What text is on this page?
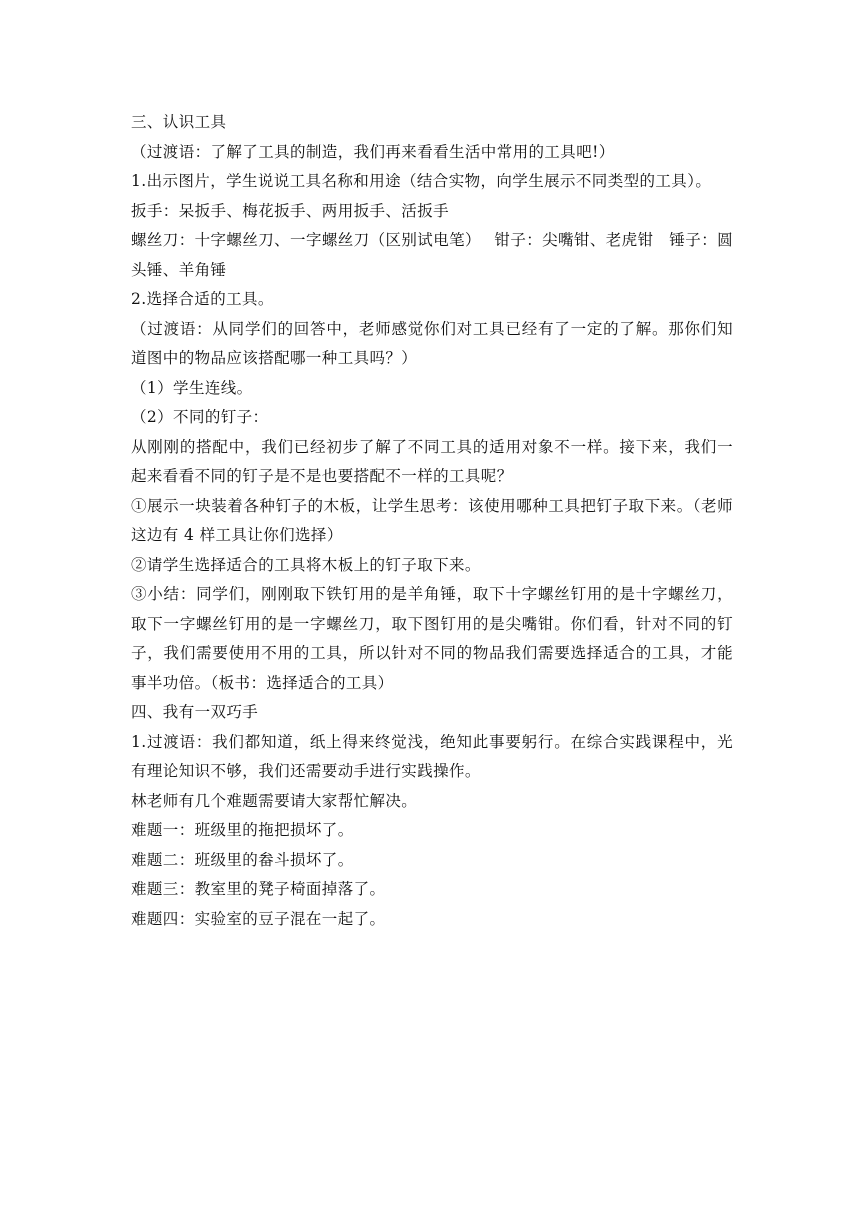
三、认识工具

（过渡语：了解了工具的制造，我们再来看看生活中常用的工具吧!）

1.出示图片，学生说说工具名称和用途（结合实物，向学生展示不同类型的工具）。

扳手：呆扳手、梅花扳手、两用扳手、活扳手

螺丝刀：十字螺丝刀、一字螺丝刀（区别试电笔）　 钳子：尖嘴钳、老虎钳　锤子：圆头锤、羊角锤

2.选择合适的工具。

（过渡语：从同学们的回答中，老师感觉你们对工具已经有了一定的了解。那你们知道图中的物品应该搭配哪一种工具吗？）

（1）学生连线。

（2）不同的钉子：

从刚刚的搭配中，我们已经初步了解了不同工具的适用对象不一样。接下来，我们一起来看看不同的钉子是不是也要搭配不一样的工具呢？

①展示一块装着各种钉子的木板，让学生思考：该使用哪种工具把钉子取下来。（老师这边有 4 样工具让你们选择）

②请学生选择适合的工具将木板上的钉子取下来。

③小结：同学们，刚刚取下铁钉用的是羊角锤，取下十字螺丝钉用的是十字螺丝刀，取下一字螺丝钉用的是一字螺丝刀，取下图钉用的是尖嘴钳。你们看，针对不同的钉子，我们需要使用不用的工具，所以针对不同的物品我们需要选择适合的工具，才能事半功倍。（板书：选择适合的工具）

四、我有一双巧手

1.过渡语：我们都知道，纸上得来终觉浅，绝知此事要躬行。在综合实践课程中，光有理论知识不够，我们还需要动手进行实践操作。

林老师有几个难题需要请大家帮忙解决。

难题一：班级里的拖把损坏了。

难题二：班级里的畚斗损坏了。

难题三：教室里的凳子椅面掉落了。

难题四：实验室的豆子混在一起了。
